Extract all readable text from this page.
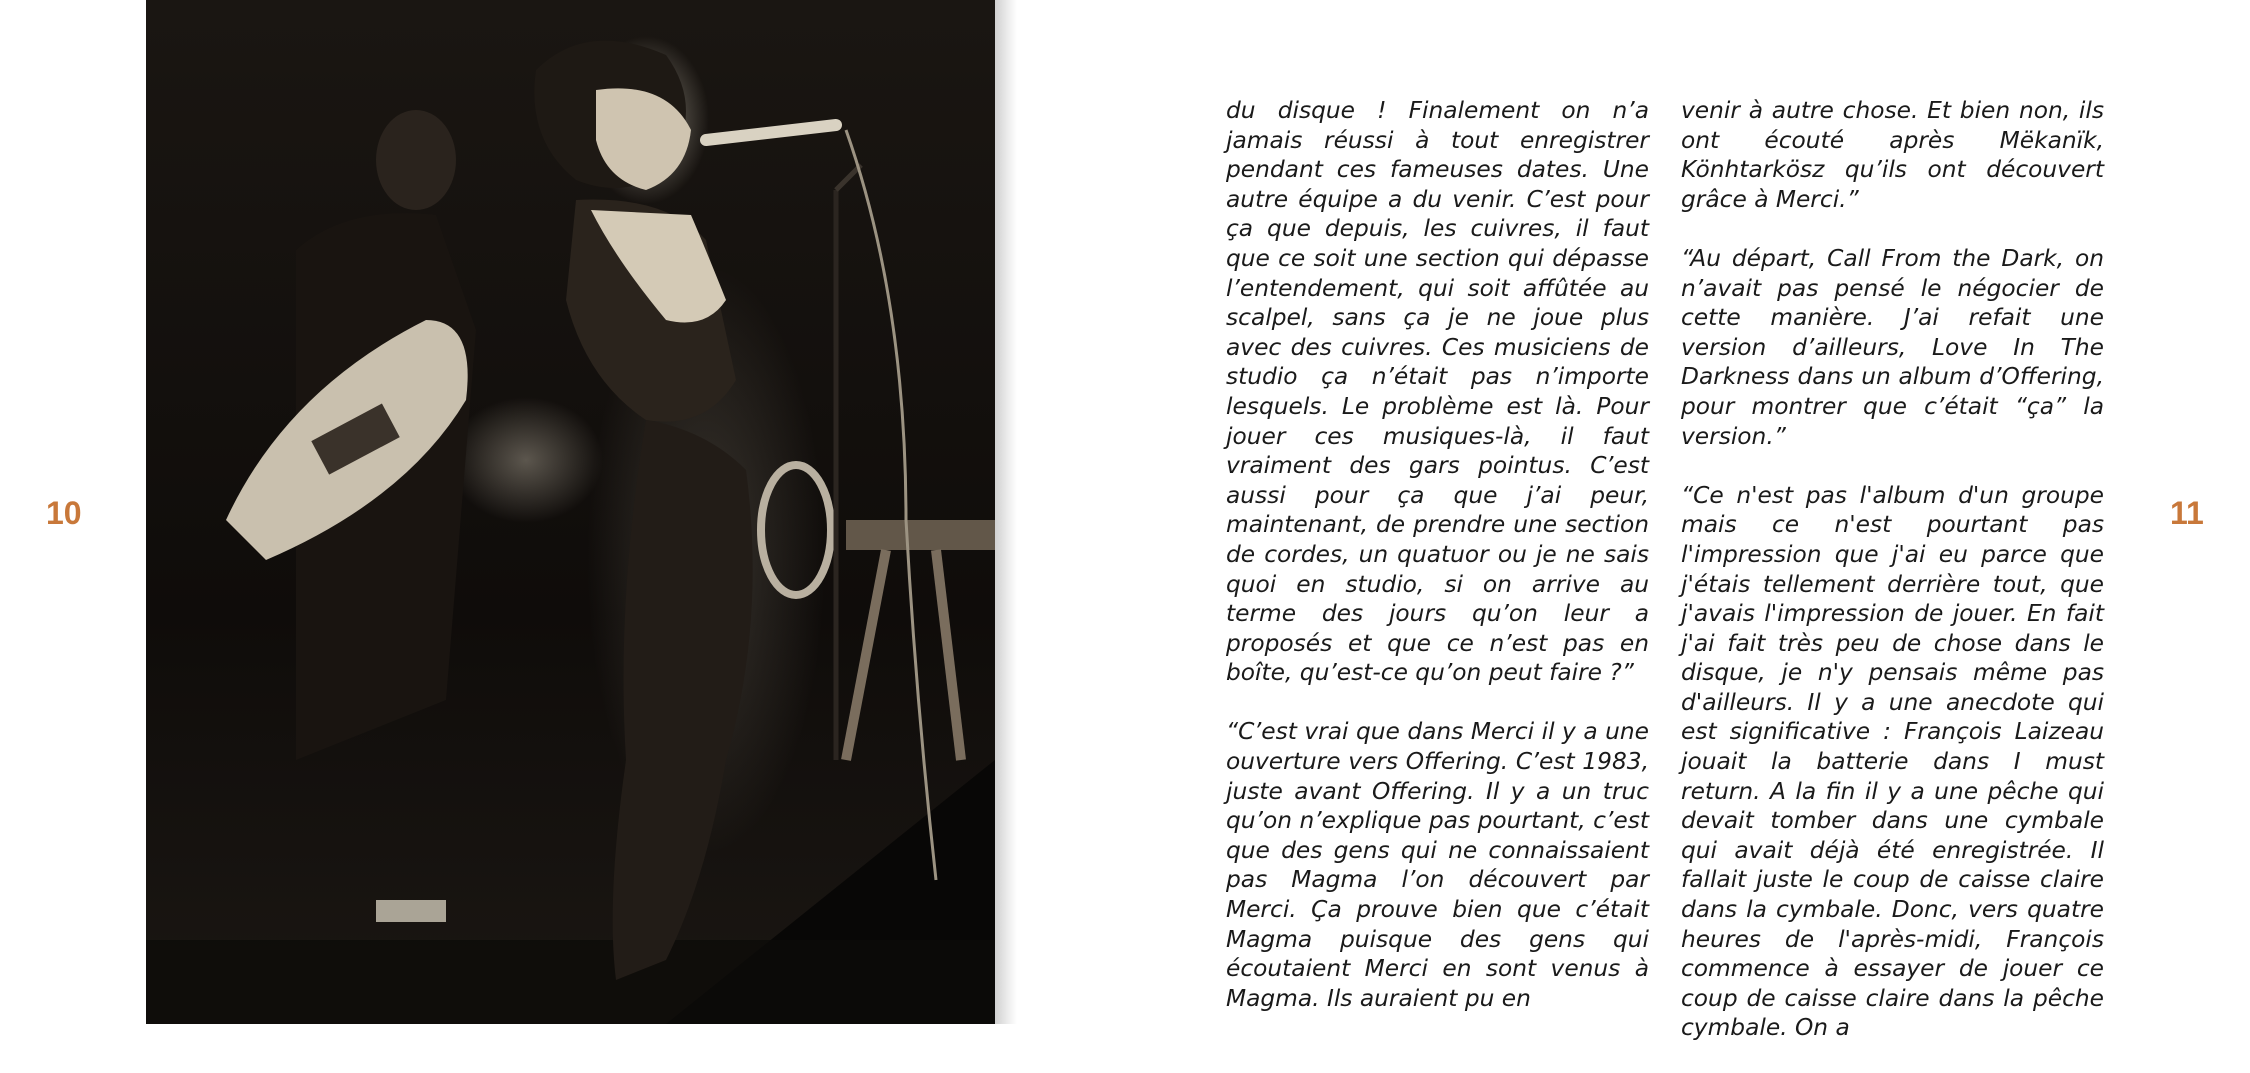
10	11

du disque ! Finalement on n’a jamais réussi à tout enregistrer pendant ces fameuses dates. Une autre équipe a du venir. C’est pour ça que depuis, les cuivres, il faut que ce soit une section qui dépasse l’entendement, qui soit affûtée au scalpel, sans ça je ne joue plus avec des cuivres. Ces musiciens de studio ça n’était pas n’importe lesquels. Le problème est là. Pour jouer ces musiques-là, il faut vraiment des gars pointus. C’est aussi pour ça que j’ai peur, maintenant, de prendre une section de cordes, un quatuor ou je ne sais quoi en studio, si on arrive au terme des jours qu’on leur a proposés et que ce n’est pas en boîte, qu’est-ce qu’on peut faire ?”

“C’est vrai que dans Merci il y a une ouverture vers Offering. C’est 1983, juste avant Offering. Il y a un truc qu’on n’explique pas pourtant, c’est que des gens qui ne connaissaient pas Magma l’on découvert par Merci. Ça prouve bien que c’était Magma puisque des gens qui écoutaient Merci en sont venus à Magma. Ils auraient pu en

venir à autre chose. Et bien non, ils ont écouté après Mëkanïk, Könhtarkösz qu’ils ont découvert grâce à Merci.”

“Au départ, Call From the Dark, on n’avait pas pensé le négocier de cette manière. J’ai refait une version d’ailleurs, Love In The Darkness dans un album d’Offering, pour montrer que c’était “ça” la version.”

“Ce n'est pas l'album d'un groupe mais ce n'est pourtant pas l'impression que j'ai eu parce que j'étais tellement derrière tout, que j'avais l'impression de jouer. En fait j'ai fait très peu de chose dans le disque, je n'y pensais même pas d'ailleurs. Il y a une anecdote qui est significative : François Laizeau jouait la batterie dans I must return. A la fin il y a une pêche qui devait tomber dans une cymbale qui avait déjà été enregistrée. Il fallait juste le coup de caisse claire dans la cymbale. Donc, vers quatre heures de l'après-midi, François commence à essayer de jouer ce coup de caisse claire dans la pêche cymbale. On a
